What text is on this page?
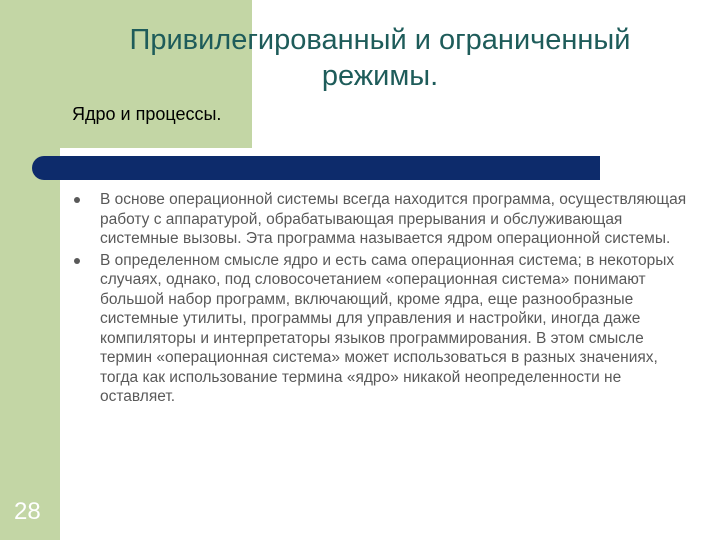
Привилегированный и ограниченный
режимы.
Ядро и процессы.
В основе операционной системы всегда находится программа, осуществляющая работу с аппаратурой, обрабатывающая прерывания и обслуживающая системные вызовы. Эта программа называется ядром операционной системы.
В определенном смысле ядро и есть сама операционная система; в некоторых случаях, однако, под словосочетанием «операционная система» понимают большой набор программ, включающий, кроме ядра, еще разнообразные системные утилиты, программы для управления и настройки, иногда даже компиляторы и интерпретаторы языков программирования. В этом смысле термин «операционная система» может использоваться в разных значениях, тогда как использование термина «ядро» никакой неопределенности не оставляет.
28
